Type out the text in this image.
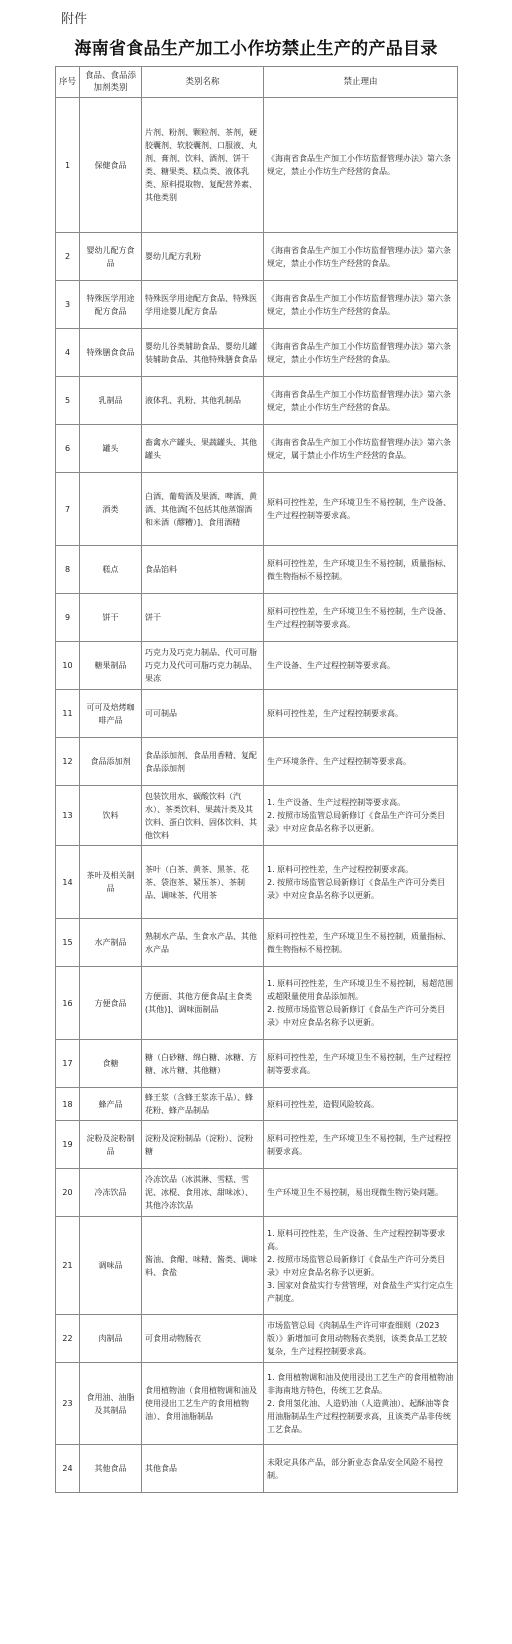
附件
海南省食品生产加工小作坊禁止生产的产品目录
序号	食品、食品添加剂类别	类别名称	禁止理由
1	保健食品	片剂、粉剂、颗粒剂、茶剂，硬胶囊剂、软胶囊剂、口服液、丸剂、膏剂、饮料、酒剂、饼干类、糖果类、糕点类、液体乳类、原料提取物、复配营养素、其他类别	《海南省食品生产加工小作坊监督管理办法》第六条规定，禁止小作坊生产经营的食品。
2	婴幼儿配方食品	婴幼儿配方乳粉	《海南省食品生产加工小作坊监督管理办法》第六条规定，禁止小作坊生产经营的食品。
3	特殊医学用途配方食品	特殊医学用途配方食品、特殊医学用途婴儿配方食品	《海南省食品生产加工小作坊监督管理办法》第六条规定，禁止小作坊生产经营的食品。
4	特殊膳食食品	婴幼儿谷类辅助食品、婴幼儿罐装辅助食品、其他特殊膳食食品	《海南省食品生产加工小作坊监督管理办法》第六条规定，禁止小作坊生产经营的食品。
5	乳制品	液体乳、乳粉、其他乳制品	《海南省食品生产加工小作坊监督管理办法》第六条规定，禁止小作坊生产经营的食品。
6	罐头	畜禽水产罐头、果蔬罐头、其他罐头	《海南省食品生产加工小作坊监督管理办法》第六条规定，属于禁止小作坊生产经营的食品。
7	酒类	白酒、葡萄酒及果酒、啤酒、黄酒、其他酒[不包括其他蒸馏酒和米酒（醪糟）]、食用酒精	原料可控性差，生产环境卫生不易控制，生产设备、生产过程控制等要求高。
8	糕点	食品馅料	原料可控性差，生产环境卫生不易控制，质量指标、微生物指标不易控制。
9	饼干	饼干	原料可控性差，生产环境卫生不易控制，生产设备、生产过程控制等要求高。
10	糖果制品	巧克力及巧克力制品、代可可脂巧克力及代可可脂巧克力制品、果冻	生产设备、生产过程控制等要求高。
11	可可及焙烤咖啡产品	可可制品	原料可控性差，生产过程控制要求高。
12	食品添加剂	食品添加剂、食品用香精、复配食品添加剂	生产环境条件、生产过程控制等要求高。
13	饮料	包装饮用水、碳酸饮料（汽水）、茶类饮料、果蔬汁类及其饮料、蛋白饮料、固体饮料、其他饮料	1. 生产设备、生产过程控制等要求高。
2. 按照市场监管总局新修订《食品生产许可分类目录》中对应食品名称予以更新。
14	茶叶及相关制品	茶叶（白茶、黄茶、黑茶、花茶、袋泡茶、紧压茶）、茶制品、调味茶、代用茶	1. 原料可控性差，生产过程控制要求高。
2. 按照市场监管总局新修订《食品生产许可分类目录》中对应食品名称予以更新。
15	水产制品	熟制水产品、生食水产品、其他水产品	原料可控性差，生产环境卫生不易控制，质量指标、微生物指标不易控制。
16	方便食品	方便面、其他方便食品[主食类(其他)]、调味面制品	1. 原料可控性差，生产环境卫生不易控制，易超范围或超限量使用食品添加剂。
2. 按照市场监管总局新修订《食品生产许可分类目录》中对应食品名称予以更新。
17	食糖	糖（白砂糖、绵白糖、冰糖、方糖、冰片糖、其他糖）	原料可控性差，生产环境卫生不易控制，生产过程控制等要求高。
18	蜂产品	蜂王浆（含蜂王浆冻干品）、蜂花粉、蜂产品制品	原料可控性差，造假风险较高。
19	淀粉及淀粉制品	淀粉及淀粉制品（淀粉）、淀粉糖	原料可控性差，生产环境卫生不易控制，生产过程控制要求高。
20	冷冻饮品	冷冻饮品（冰淇淋、雪糕、雪泥、冰棍、食用冰、甜味冰）、其他冷冻饮品	生产环境卫生不易控制，易出现微生物污染问题。
21	调味品	酱油、食醋、味精、酱类、调味料、食盐	1. 原料可控性差，生产设备、生产过程控制等要求高。
2. 按照市场监管总局新修订《食品生产许可分类目录》中对应食品名称予以更新。
3. 国家对食盐实行专营管理，对食盐生产实行定点生产制度。
22	肉制品	可食用动物肠衣	市场监管总局《肉制品生产许可审查细则（2023版）》新增加可食用动物肠衣类别，该类食品工艺较复杂，生产过程控制要求高。
23	食用油、油脂及其制品	食用植物油（食用植物调和油及使用浸出工艺生产的食用植物油）、食用油脂制品	1. 食用植物调和油及使用浸出工艺生产的食用植物油非海南地方特色，传统工艺食品。
2. 食用氢化油、人造奶油（人造黄油）、起酥油等食用油脂制品生产过程控制要求高，且该类产品非传统工艺食品。
24	其他食品	其他食品	未限定具体产品，部分新业态食品安全风险不易控制。
